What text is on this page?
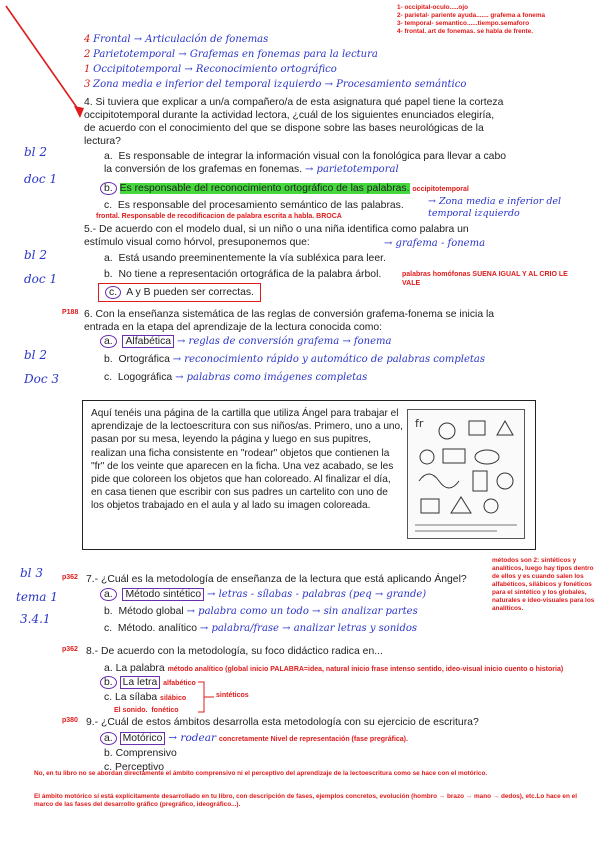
1- occipital-oculo.....ojo
2- parietal- pariente ayuda....... grafema a fonema
3- temporal- semantico......tiempo.semaforo
4- frontal. art de fonemas. se habla de frente.
4 Frontal → Articulación de fonemas
2 Parietotemporal → Grafemas en fonemas para la lectura
1 Occipitotemporal → Reconocimiento ortográfico
3 Zona media e inferior del temporal izquierdo → Procesamiento semántico
bl 2
doc 1
4. Si tuviera que explicar a un/a compañero/a de esta asignatura qué papel tiene la corteza occipitotemporal durante la actividad lectora, ¿cuál de los siguientes enunciados elegiría, de acuerdo con el conocimiento del que se dispone sobre las bases neurológicas de la lectura?
a.  Es responsable de integrar la información visual con la fonológica para llevar a cabo la conversión de los grafemas en fonemas. → parietotemporal
b. Es responsable del reconocimiento ortográfico de las palabras. occipitotemporal
c.  Es responsable del procesamiento semántico de las palabras.	→ Zona media e inferior del temporal izquierdo
frontal. Responsable de recodificacion de palabra escrita a habla. BROCA
bl 2
doc 1
5.- De acuerdo con el modelo dual, si un niño o una niña identifica como palabra un estímulo visual como hórvol, presuponemos que:	→ grafema - fonema
a.  Está usando preeminentemente la vía subléxica para leer.
b.  No tiene a representación ortográfica de la palabra árbol.	palabras homófonas SUENA IGUAL Y AL CRIO LE VALE
c. A y B pueden ser correctas.
P188 6. Con la enseñanza sistemática de las reglas de conversión grafema-fonema se inicia la entrada en la etapa del aprendizaje de la lectura conocida como:
bl 2
Doc 3
a. Alfabética → reglas de conversión grafema → fonema
b.  Ortográfica → reconocimiento rápido y automático de palabras completas
c.  Logográfica → palabras como imágenes completas
Aquí tenéis una página de la cartilla que utiliza Ángel para trabajar el aprendizaje de la lectoescritura con sus niños/as. Primero, uno a uno, pasan por su mesa, leyendo la página y luego en sus pupitres, realizan una ficha consistente en "rodear" objetos que contienen la "fr" de los veinte que aparecen en la ficha. Una vez acabado, se les pide que coloreen los objetos que han coloreado. Al finalizar el día, en casa tienen que escribir con sus padres un cartelito con uno de los objetos trabajado en el aula y al lado su imagen coloreada.
fr
métodos son 2: sintéticos y analíticos, luego hay tipos dentro de ellos y es cuando salen los alfabéticos, silábicos y fonéticos para el sintético y los globales, naturales e ideo-visuales para los analíticos.
bl 3
tema 1
3.4.1
p362 7.- ¿Cuál es la metodología de enseñanza de la lectura que está aplicando Ángel?
a. Método sintético → letras - sílabas - palabras (peq → grande)
b.  Método global → palabra como un todo → sin analizar partes
c.  Método. analítico → palabra/frase → analizar letras y sonidos
p362 8.- De acuerdo con la metodología, su foco didáctico radica en...
a. La palabra método analítico (global inicio PALABRA=idea, natural inicio frase intenso sentido, ideo-visual inicio cuento o historia)
b. La letra alfabético
c. La sílaba silábico
El sonido. fonético
sintéticos
p380 9.- ¿Cuál de estos ámbitos desarrolla esta metodología con su ejercicio de escritura?
a. Motórico → rodear concretamente Nivel de representación (fase pregráfica).
b. Comprensivo
c. Perceptivo
No, en tu libro no se abordan directamente el ámbito comprensivo ni el perceptivo del aprendizaje de la lectoescritura como se hace con el motórico.
El ámbito motórico sí está explícitamente desarrollado en tu libro, con descripción de fases, ejemplos concretos, evolución (hombro → brazo → mano → dedos), etc.Lo hace en el marco de las fases del desarrollo gráfico (pregráfico, ideográfico...).
